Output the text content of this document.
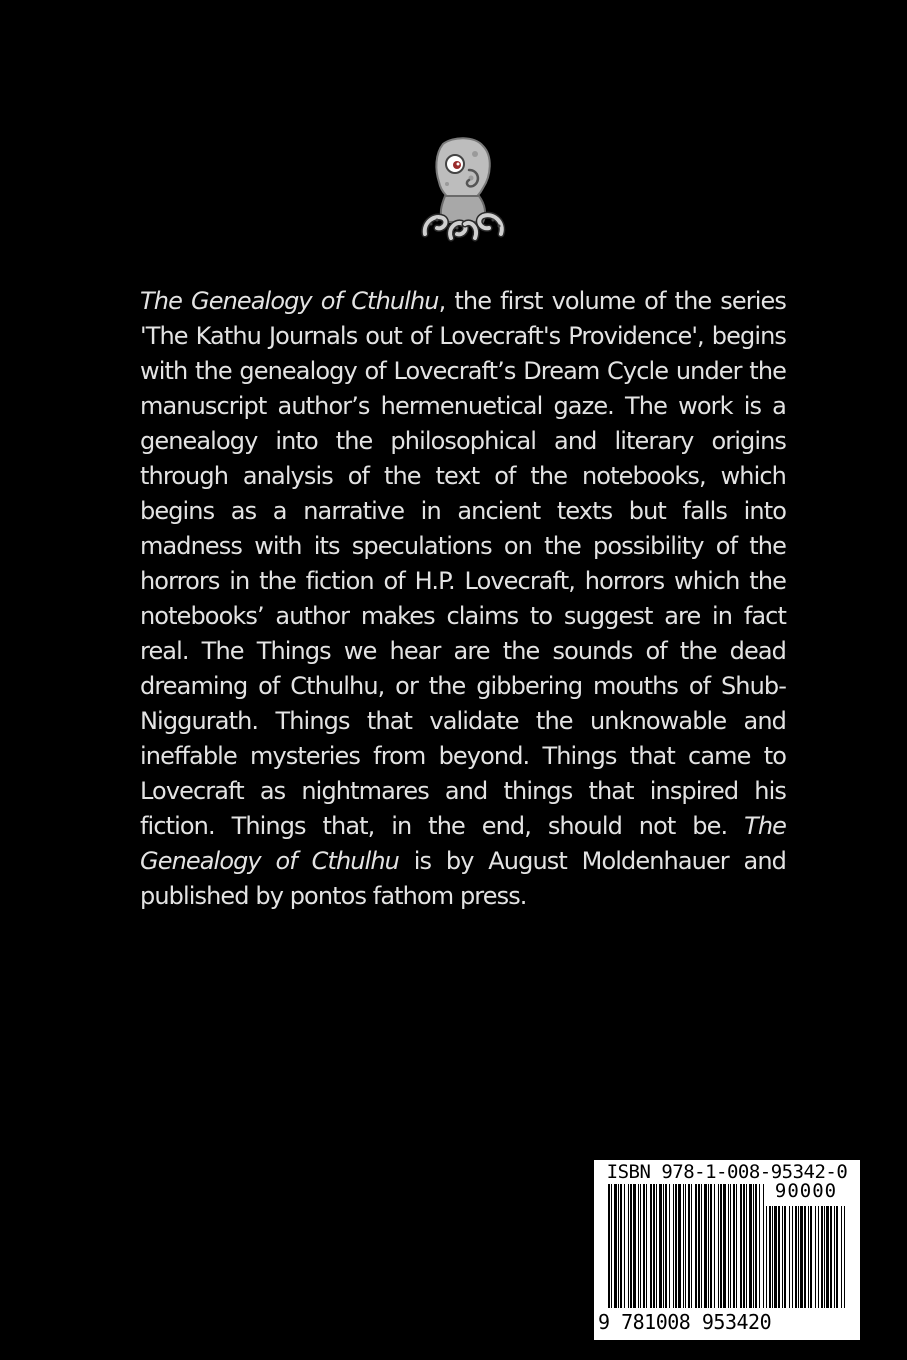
The Genealogy of Cthulhu, the first volume of the series 'The Kathu Journals out of Lovecraft's Providence', begins with the genealogy of Lovecraft’s Dream Cycle under the manuscript author’s hermenuetical gaze. The work is a genealogy into the philosophical and literary origins through analysis of the text of the notebooks, which begins as a narrative in ancient texts but falls into madness with its speculations on the possibility of the horrors in the fiction of H.P. Lovecraft, horrors which the notebooks’ author makes claims to suggest are in fact real. The Things we hear are the sounds of the dead dreaming of Cthulhu, or the gibbering mouths of Shub-Niggurath. Things that validate the unknowable and ineffable mysteries from beyond. Things that came to Lovecraft as nightmares and things that inspired his fiction. Things that, in the end, should not be. The Genealogy of Cthulhu is by August Moldenhauer and published by pontos fathom press.

ISBN 978-1-008-95342-0
90000
9 781008 953420
